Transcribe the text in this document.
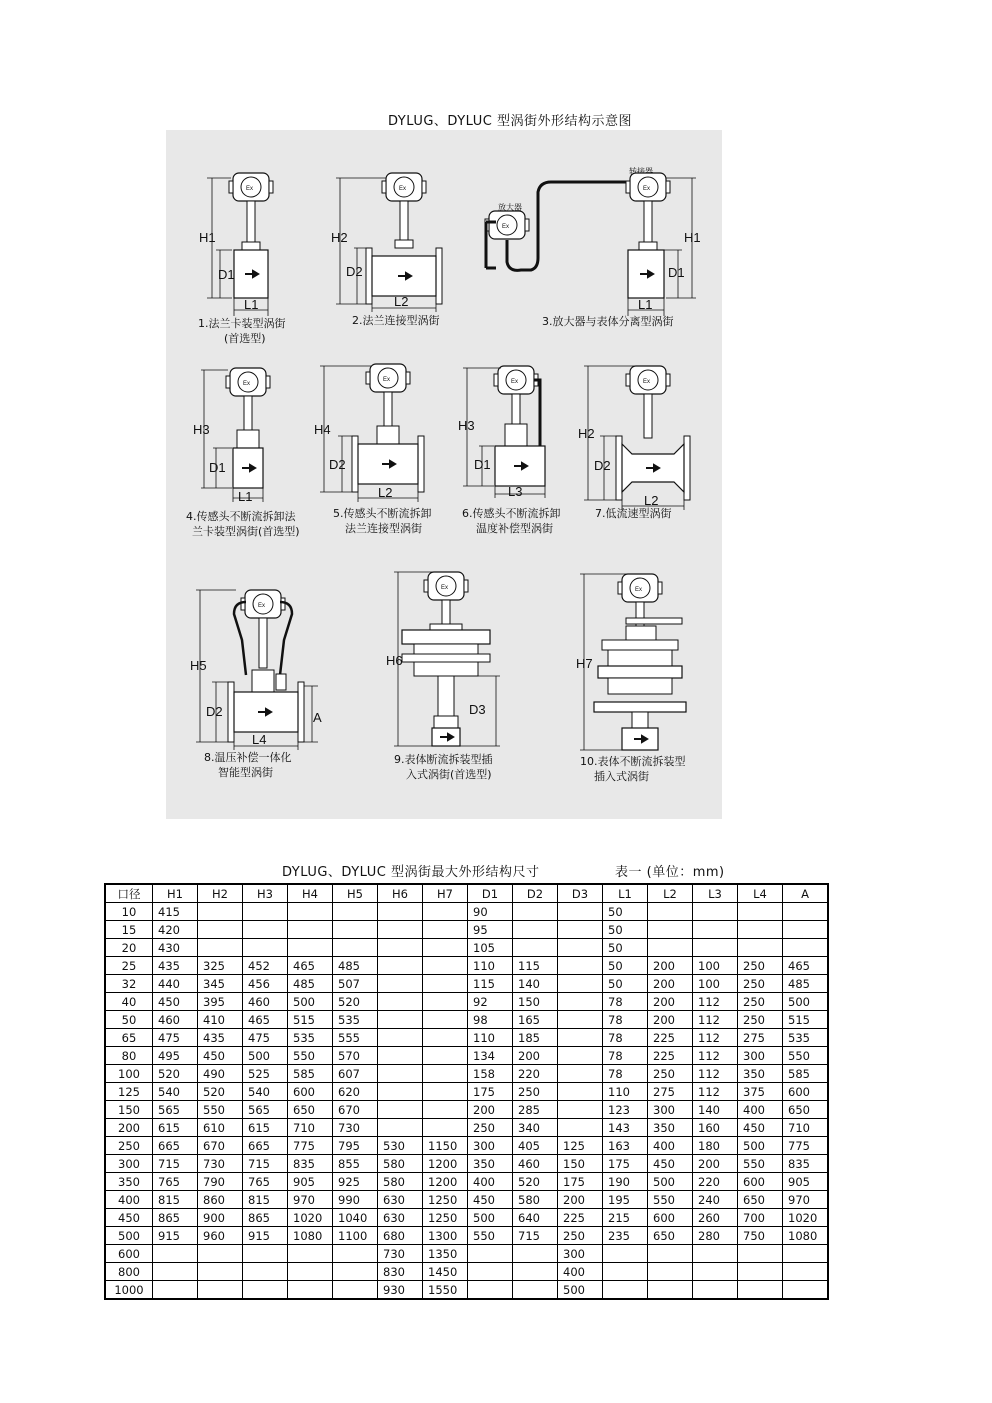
DYLUG、DYLUC 型涡街外形结构示意图
H1
D1
L1
Ex
H2
D2
L2
Ex
放大器
转接器
H1
D1
L1
Ex
Ex
H3
D1
L1
Ex
H4
D2
L2
Ex
H3
D1
L3
Ex
H2
D2
L2
Ex
H5
D2
L4
A
Ex
H6
D3
Ex
H7
Ex
1.法兰卡装型涡街
(首选型)
2.法兰连接型涡街	3.放大器与表体分离型涡街
4.传感头不断流拆卸法
兰卡装型涡街(首选型)
5.传感头不断流拆卸
法兰连接型涡街
6.传感头不断流拆卸
温度补偿型涡街
7.低流速型涡街
8.温压补偿一体化
智能型涡街
9.表体断流拆装型插
入式涡街(首选型)
10.表体不断流拆装型
插入式涡街
DYLUG、DYLUC 型涡街最大外形结构尺寸	表一 (单位：mm)
口径	H1	H2	H3	H4	H5	H6	H7	D1	D2	D3	L1	L2	L3	L4	A
10	415							90			50				
15	420							95			50				
20	430							105			50				
25	435	325	452	465	485			110	115		50	200	100	250	465
32	440	345	456	485	507			115	140		50	200	100	250	485
40	450	395	460	500	520			92	150		78	200	112	250	500
50	460	410	465	515	535			98	165		78	200	112	250	515
65	475	435	475	535	555			110	185		78	225	112	275	535
80	495	450	500	550	570			134	200		78	225	112	300	550
100	520	490	525	585	607			158	220		78	250	112	350	585
125	540	520	540	600	620			175	250		110	275	112	375	600
150	565	550	565	650	670			200	285		123	300	140	400	650
200	615	610	615	710	730			250	340		143	350	160	450	710
250	665	670	665	775	795	530	1150	300	405	125	163	400	180	500	775
300	715	730	715	835	855	580	1200	350	460	150	175	450	200	550	835
350	765	790	765	905	925	580	1200	400	520	175	190	500	220	600	905
400	815	860	815	970	990	630	1250	450	580	200	195	550	240	650	970
450	865	900	865	1020	1040	630	1250	500	640	225	215	600	260	700	1020
500	915	960	915	1080	1100	680	1300	550	715	250	235	650	280	750	1080
600						730	1350			300					
800						830	1450			400					
1000						930	1550			500					
